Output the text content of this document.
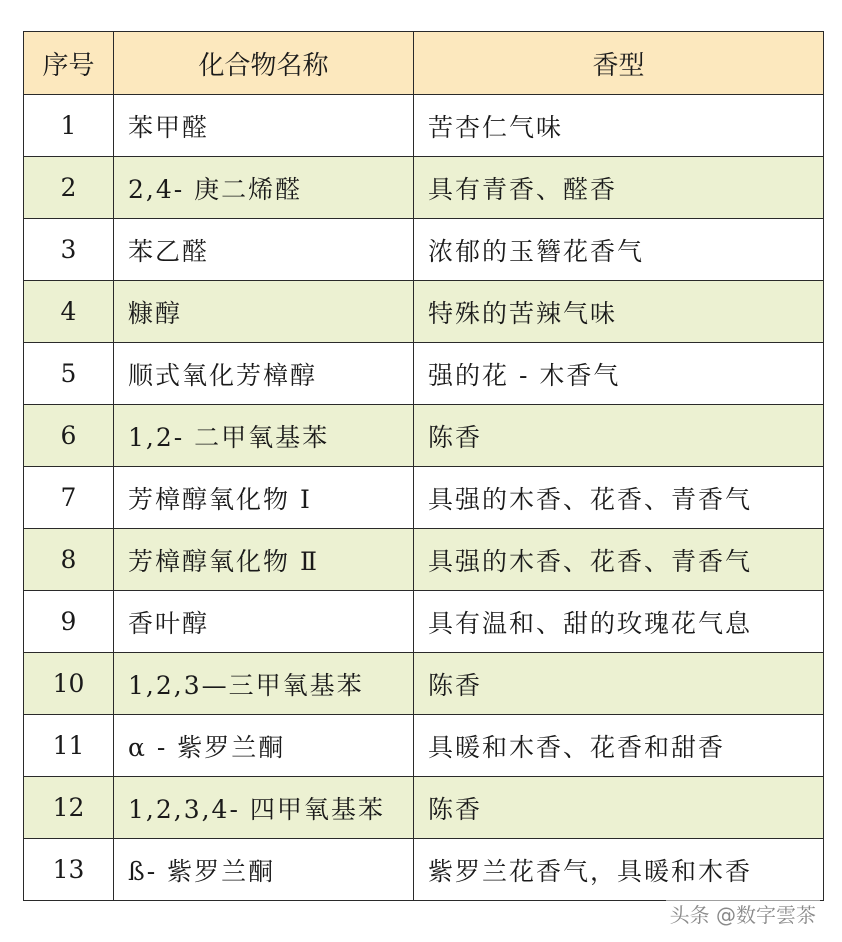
序号	化合物名称	香型
1	苯甲醛	苦杏仁气味
2	2,4- 庚二烯醛	具有青香、醛香
3	苯乙醛	浓郁的玉簪花香气
4	糠醇	特殊的苦辣气味
5	顺式氧化芳樟醇	强的花 - 木香气
6	1,2- 二甲氧基苯	陈香
7	芳樟醇氧化物 Ⅰ	具强的木香、花香、青香气
8	芳樟醇氧化物 Ⅱ	具强的木香、花香、青香气
9	香叶醇	具有温和、甜的玫瑰花气息
10	1,2,3—三甲氧基苯	陈香
11	α - 紫罗兰酮	具暖和木香、花香和甜香
12	1,2,3,4- 四甲氧基苯	陈香
13	ß- 紫罗兰酮	紫罗兰花香气，具暖和木香
头条 @数字雲茶
